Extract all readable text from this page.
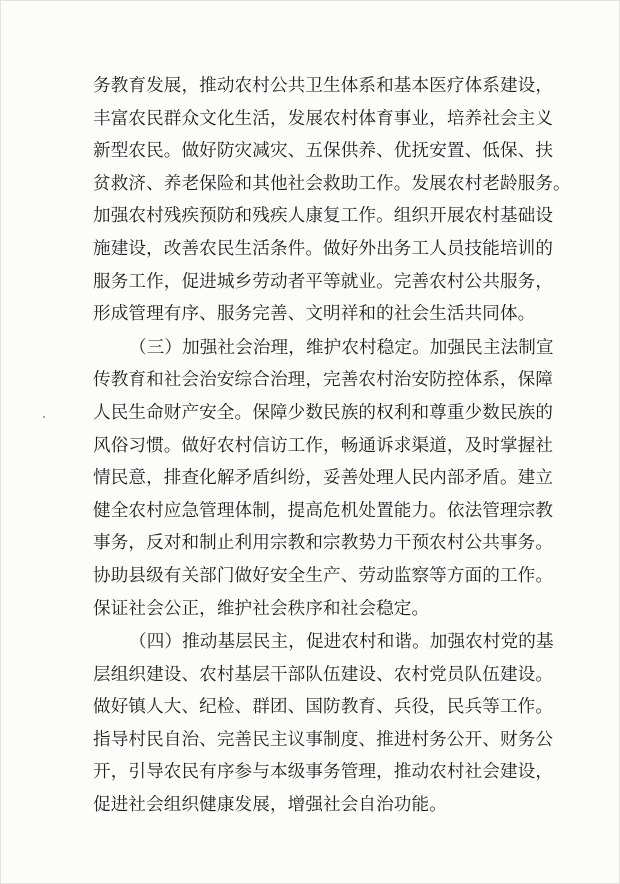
务教育发展，推动农村公共卫生体系和基本医疗体系建设，
丰富农民群众文化生活，发展农村体育事业，培养社会主义
新型农民。做好防灾减灾、五保供养、优抚安置、低保、扶
贫救济、养老保险和其他社会救助工作。发展农村老龄服务。
加强农村残疾预防和残疾人康复工作。组织开展农村基础设
施建设，改善农民生活条件。做好外出务工人员技能培训的
服务工作，促进城乡劳动者平等就业。完善农村公共服务，
形成管理有序、服务完善、文明祥和的社会生活共同体。
（三）加强社会治理，维护农村稳定。加强民主法制宣
传教育和社会治安综合治理，完善农村治安防控体系，保障
人民生命财产安全。保障少数民族的权利和尊重少数民族的
风俗习惯。做好农村信访工作，畅通诉求渠道，及时掌握社
情民意，排查化解矛盾纠纷，妥善处理人民内部矛盾。建立
健全农村应急管理体制，提高危机处置能力。依法管理宗教
事务，反对和制止利用宗教和宗教势力干预农村公共事务。
协助县级有关部门做好安全生产、劳动监察等方面的工作。
保证社会公正，维护社会秩序和社会稳定。
（四）推动基层民主，促进农村和谐。加强农村党的基
层组织建设、农村基层干部队伍建设、农村党员队伍建设。
做好镇人大、纪检、群团、国防教育、兵役，民兵等工作。
指导村民自治、完善民主议事制度、推进村务公开、财务公
开，引导农民有序参与本级事务管理，推动农村社会建设，
促进社会组织健康发展，增强社会自治功能。
